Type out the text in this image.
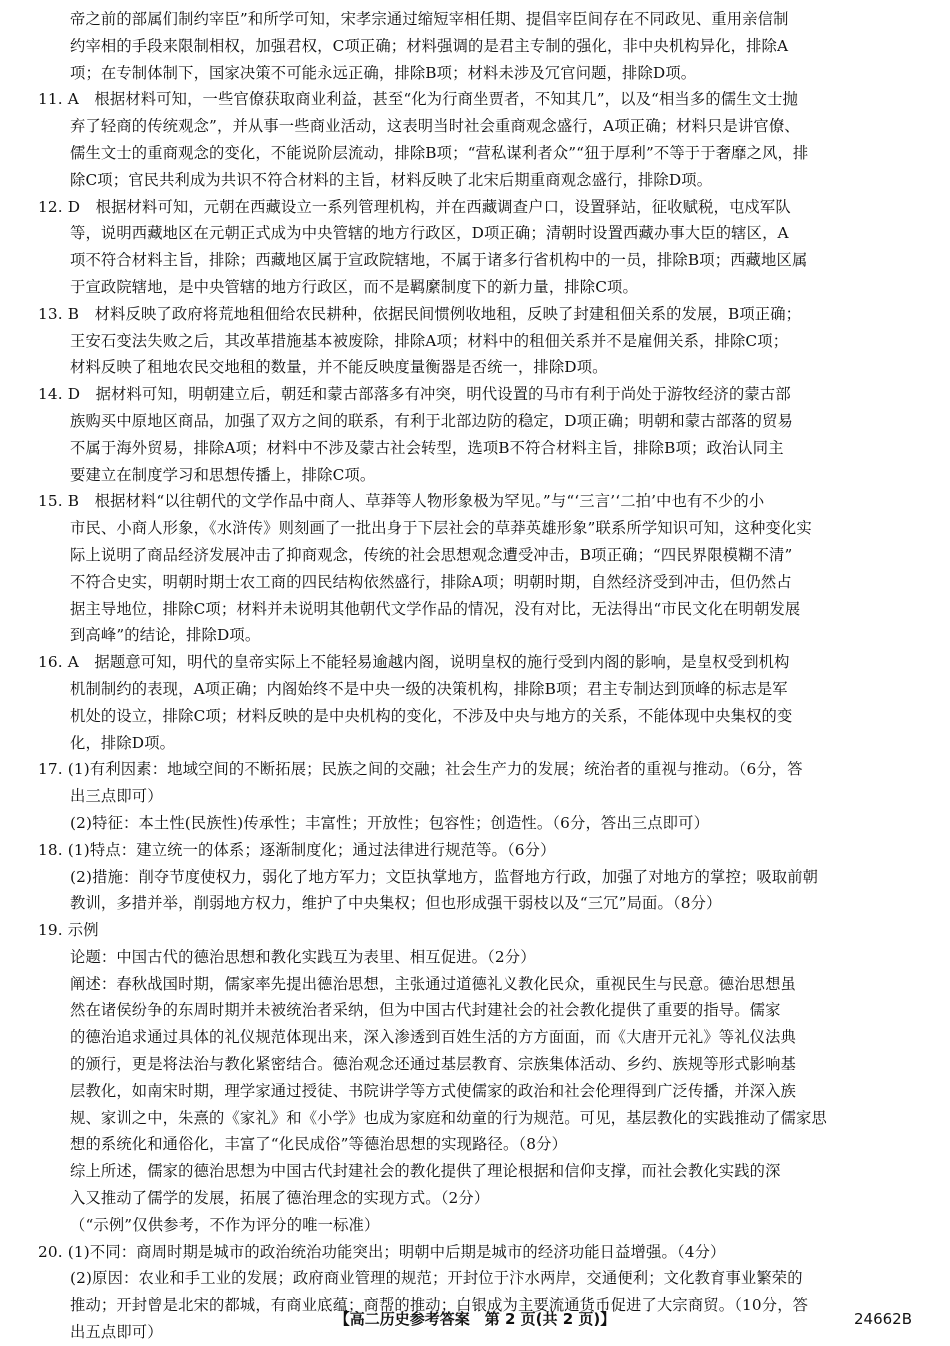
帝之前的部属们制约宰臣”和所学可知，宋孝宗通过缩短宰相任期、提倡宰臣间存在不同政见、重用亲信制
约宰相的手段来限制相权，加强君权，C项正确；材料强调的是君主专制的强化，非中央机构异化，排除A
项；在专制体制下，国家决策不可能永远正确，排除B项；材料未涉及冗官问题，排除D项。
11. A　根据材料可知，一些官僚获取商业利益，甚至“化为行商坐贾者，不知其几”，以及“相当多的儒生文士抛
弃了轻商的传统观念”，并从事一些商业活动，这表明当时社会重商观念盛行，A项正确；材料只是讲官僚、
儒生文士的重商观念的变化，不能说阶层流动，排除B项；“营私谋利者众”“狃于厚利”不等于于奢靡之风，排
除C项；官民共利成为共识不符合材料的主旨，材料反映了北宋后期重商观念盛行，排除D项。
12. D　根据材料可知，元朝在西藏设立一系列管理机构，并在西藏调查户口，设置驿站，征收赋税，屯戍军队
等，说明西藏地区在元朝正式成为中央管辖的地方行政区，D项正确；清朝时设置西藏办事大臣的辖区，A
项不符合材料主旨，排除；西藏地区属于宣政院辖地，不属于诸多行省机构中的一员，排除B项；西藏地区属
于宣政院辖地，是中央管辖的地方行政区，而不是羁縻制度下的新力量，排除C项。
13. B　材料反映了政府将荒地租佃给农民耕种，依据民间惯例收地租，反映了封建租佃关系的发展，B项正确；
王安石变法失败之后，其改革措施基本被废除，排除A项；材料中的租佃关系并不是雇佣关系，排除C项；
材料反映了租地农民交地租的数量，并不能反映度量衡器是否统一，排除D项。
14. D　据材料可知，明朝建立后，朝廷和蒙古部落多有冲突，明代设置的马市有利于尚处于游牧经济的蒙古部
族购买中原地区商品，加强了双方之间的联系，有利于北部边防的稳定，D项正确；明朝和蒙古部落的贸易
不属于海外贸易，排除A项；材料中不涉及蒙古社会转型，选项B不符合材料主旨，排除B项；政治认同主
要建立在制度学习和思想传播上，排除C项。
15. B　根据材料“以往朝代的文学作品中商人、草莽等人物形象极为罕见。”与“‘三言’‘二拍’中也有不少的小
市民、小商人形象，《水浒传》则刻画了一批出身于下层社会的草莽英雄形象”联系所学知识可知，这种变化实
际上说明了商品经济发展冲击了抑商观念，传统的社会思想观念遭受冲击，B项正确；“四民界限模糊不清”
不符合史实，明朝时期士农工商的四民结构依然盛行，排除A项；明朝时期，自然经济受到冲击，但仍然占
据主导地位，排除C项；材料并未说明其他朝代文学作品的情况，没有对比，无法得出“市民文化在明朝发展
到高峰”的结论，排除D项。
16. A　据题意可知，明代的皇帝实际上不能轻易逾越内阁，说明皇权的施行受到内阁的影响，是皇权受到机构
机制制约的表现，A项正确；内阁始终不是中央一级的决策机构，排除B项；君主专制达到顶峰的标志是军
机处的设立，排除C项；材料反映的是中央机构的变化，不涉及中央与地方的关系，不能体现中央集权的变
化，排除D项。
17. (1)有利因素：地域空间的不断拓展；民族之间的交融；社会生产力的发展；统治者的重视与推动。（6分，答
出三点即可）
(2)特征：本土性(民族性)传承性；丰富性；开放性；包容性；创造性。（6分，答出三点即可）
18. (1)特点：建立统一的体系；逐渐制度化；通过法律进行规范等。（6分）
(2)措施：削夺节度使权力，弱化了地方军力；文臣执掌地方，监督地方行政，加强了对地方的掌控；吸取前朝
教训，多措并举，削弱地方权力，维护了中央集权；但也形成强干弱枝以及“三冗”局面。（8分）
19. 示例
论题：中国古代的德治思想和教化实践互为表里、相互促进。（2分）
阐述：春秋战国时期，儒家率先提出德治思想，主张通过道德礼义教化民众，重视民生与民意。德治思想虽
然在诸侯纷争的东周时期并未被统治者采纳，但为中国古代封建社会的社会教化提供了重要的指导。儒家
的德治追求通过具体的礼仪规范体现出来，深入渗透到百姓生活的方方面面，而《大唐开元礼》等礼仪法典
的颁行，更是将法治与教化紧密结合。德治观念还通过基层教育、宗族集体活动、乡约、族规等形式影响基
层教化，如南宋时期，理学家通过授徒、书院讲学等方式使儒家的政治和社会伦理得到广泛传播，并深入族
规、家训之中，朱熹的《家礼》和《小学》也成为家庭和幼童的行为规范。可见，基层教化的实践推动了儒家思
想的系统化和通俗化，丰富了“化民成俗”等德治思想的实现路径。（8分）
综上所述，儒家的德治思想为中国古代封建社会的教化提供了理论根据和信仰支撑，而社会教化实践的深
入又推动了儒学的发展，拓展了德治理念的实现方式。（2分）
（“示例”仅供参考，不作为评分的唯一标准）
20. (1)不同：商周时期是城市的政治统治功能突出；明朝中后期是城市的经济功能日益增强。（4分）
(2)原因：农业和手工业的发展；政府商业管理的规范；开封位于汴水两岸，交通便利；文化教育事业繁荣的
推动；开封曾是北宋的都城，有商业底蕴；商帮的推动；白银成为主要流通货币促进了大宗商贸。（10分，答
出五点即可）
【高二历史参考答案　第 2 页(共 2 页)】	24662B
